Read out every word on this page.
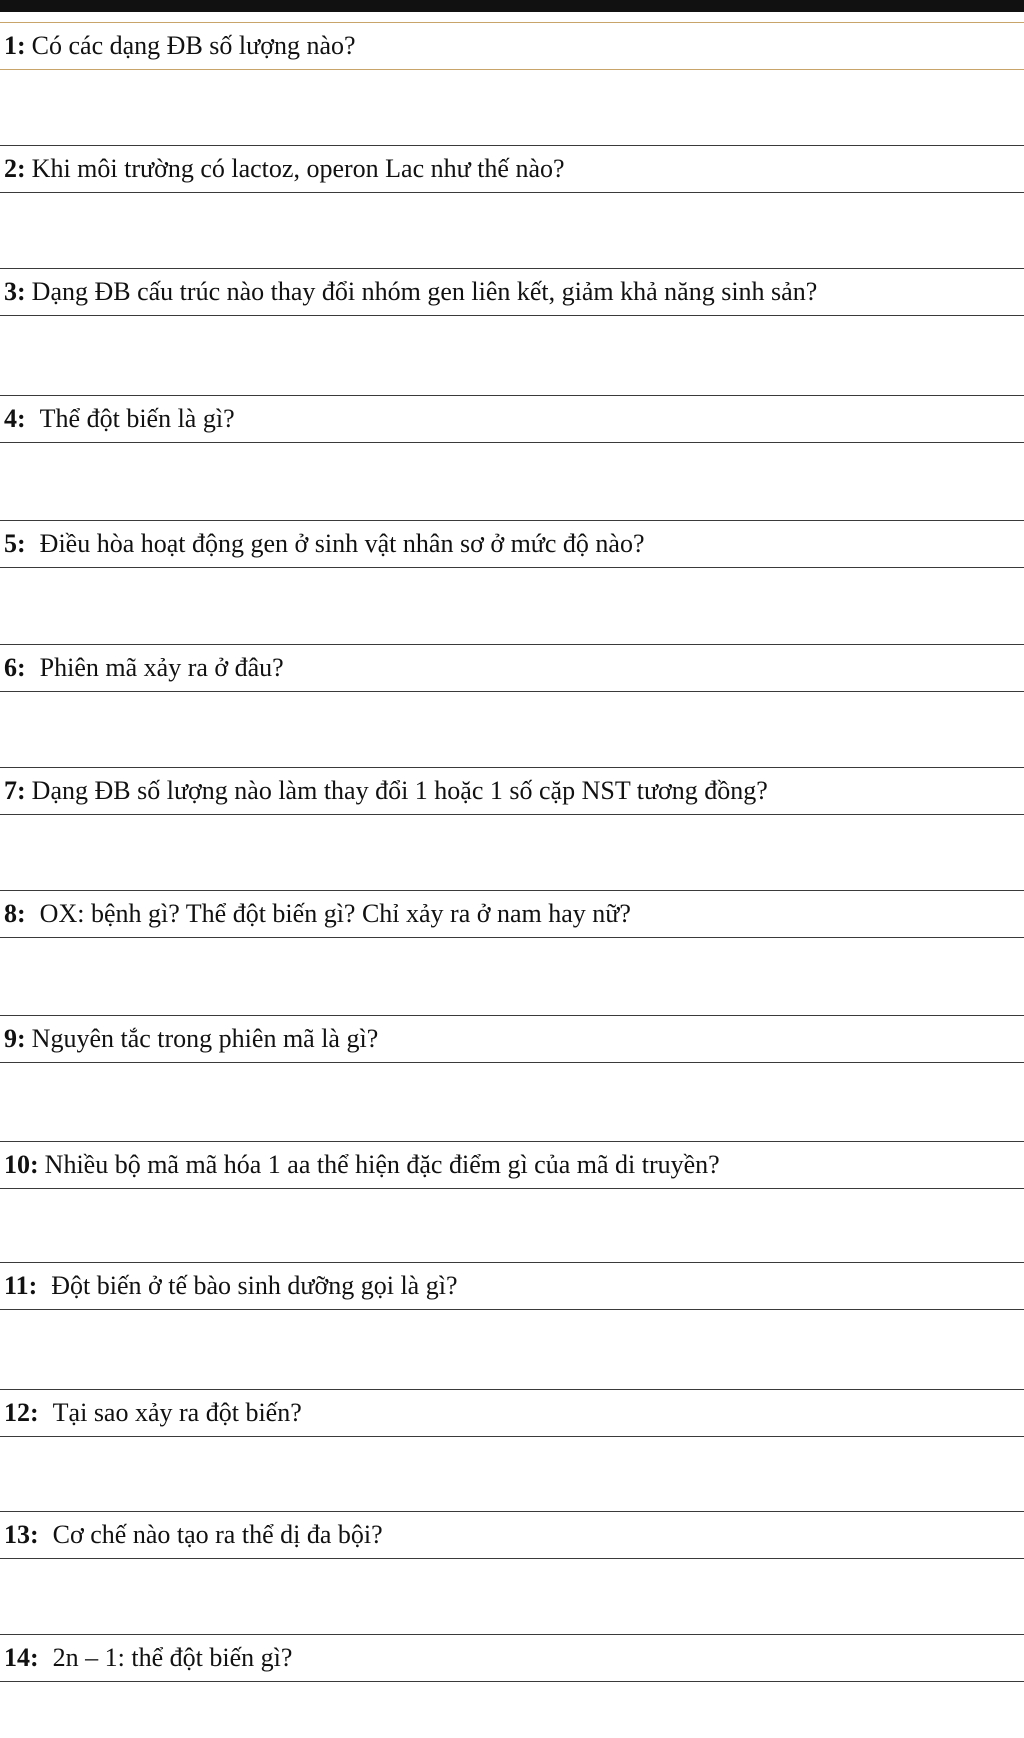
1: Có các dạng ĐB số lượng nào?
2: Khi môi trường có lactoz, operon Lac như thế nào?
3: Dạng ĐB cấu trúc nào thay đổi nhóm gen liên kết, giảm khả năng sinh sản?
4: Thể đột biến là gì?
5: Điều hòa hoạt động gen ở sinh vật nhân sơ ở mức độ nào?
6: Phiên mã xảy ra ở đâu?
7: Dạng ĐB số lượng nào làm thay đổi 1 hoặc 1 số cặp NST tương đồng?
8: OX: bệnh gì? Thể đột biến gì? Chỉ xảy ra ở nam hay nữ?
9: Nguyên tắc trong phiên mã là gì?
10: Nhiều bộ mã mã hóa 1 aa thể hiện đặc điểm gì của mã di truyền?
11: Đột biến ở tế bào sinh dưỡng gọi là gì?
12: Tại sao xảy ra đột biến?
13: Cơ chế nào tạo ra thể dị đa bội?
14: 2n – 1: thể đột biến gì?
